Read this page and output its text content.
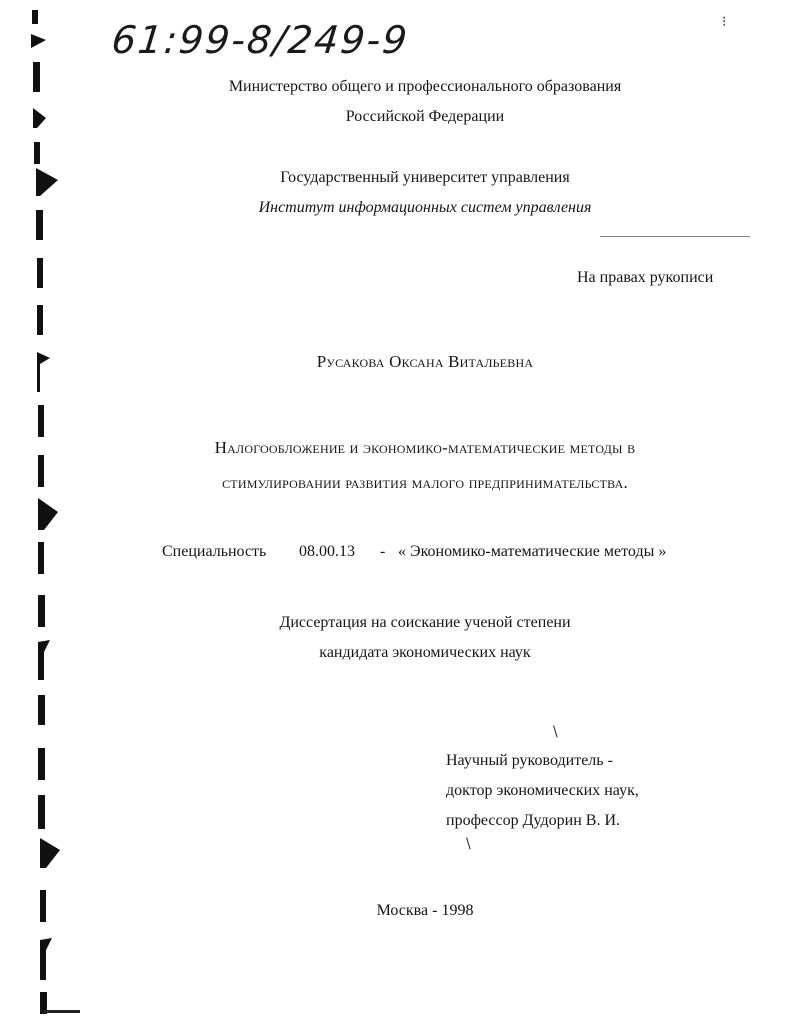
61:99-8/249-9	⁝
\
\
Министерство общего и профессионального образования
Российской Федерации
Государственный университет управления
Институт информационных систем управления
На правах рукописи
Русакова Оксана Витальевна
Налогообложение и экономико-математические методы в
стимулировании развития малого предпринимательства.
Специальность 08.00.13 - « Экономико-математические методы »
Диссертация на соискание ученой степени
кандидата экономических наук
Научный руководитель -
доктор экономических наук,
профессор Дудорин В. И.
Москва - 1998
